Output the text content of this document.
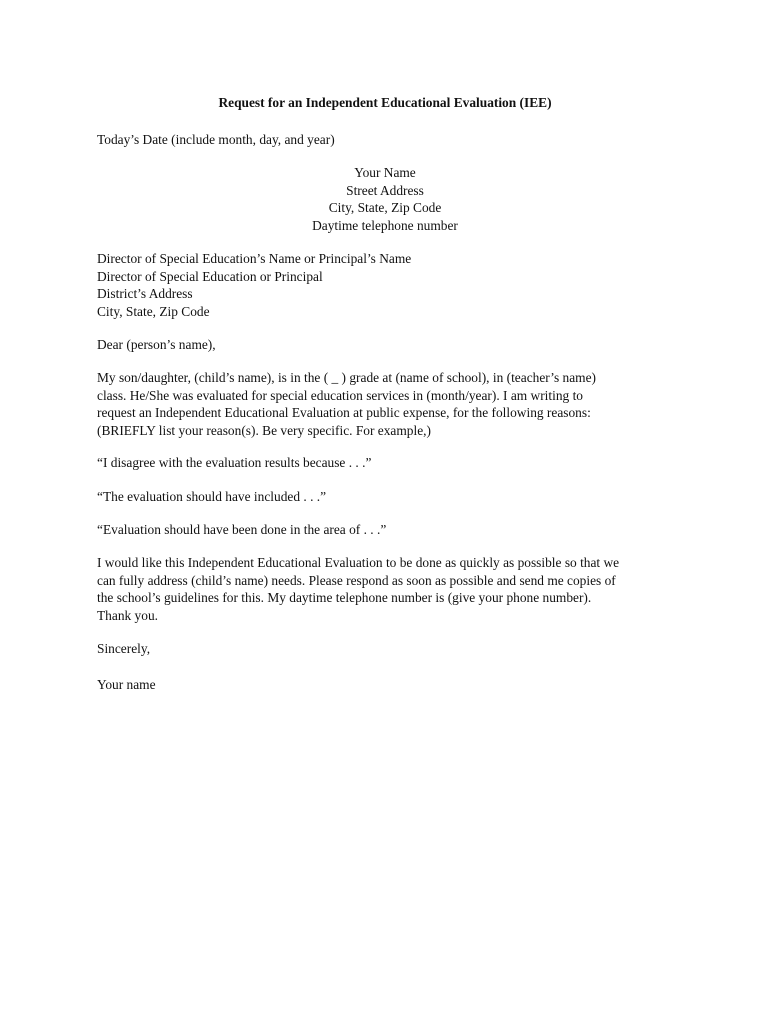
Request for an Independent Educational Evaluation (IEE)
Today’s Date (include month, day, and year)
Your Name
Street Address
City, State, Zip Code
Daytime telephone number
Director of Special Education’s Name or Principal’s Name
Director of Special Education or Principal
District’s Address
City, State, Zip Code
Dear (person’s name),
My son/daughter, (child’s name), is in the ( _ ) grade at (name of school), in (teacher’s name)
class. He/She was evaluated for special education services in (month/year). I am writing to
request an Independent Educational Evaluation at public expense, for the following reasons:
(BRIEFLY list your reason(s). Be very specific. For example,)
“I disagree with the evaluation results because . . .”
“The evaluation should have included . . .”
“Evaluation should have been done in the area of . . .”
I would like this Independent Educational Evaluation to be done as quickly as possible so that we
can fully address (child’s name) needs. Please respond as soon as possible and send me copies of
the school’s guidelines for this. My daytime telephone number is (give your phone number).
Thank you.
Sincerely,
Your name
